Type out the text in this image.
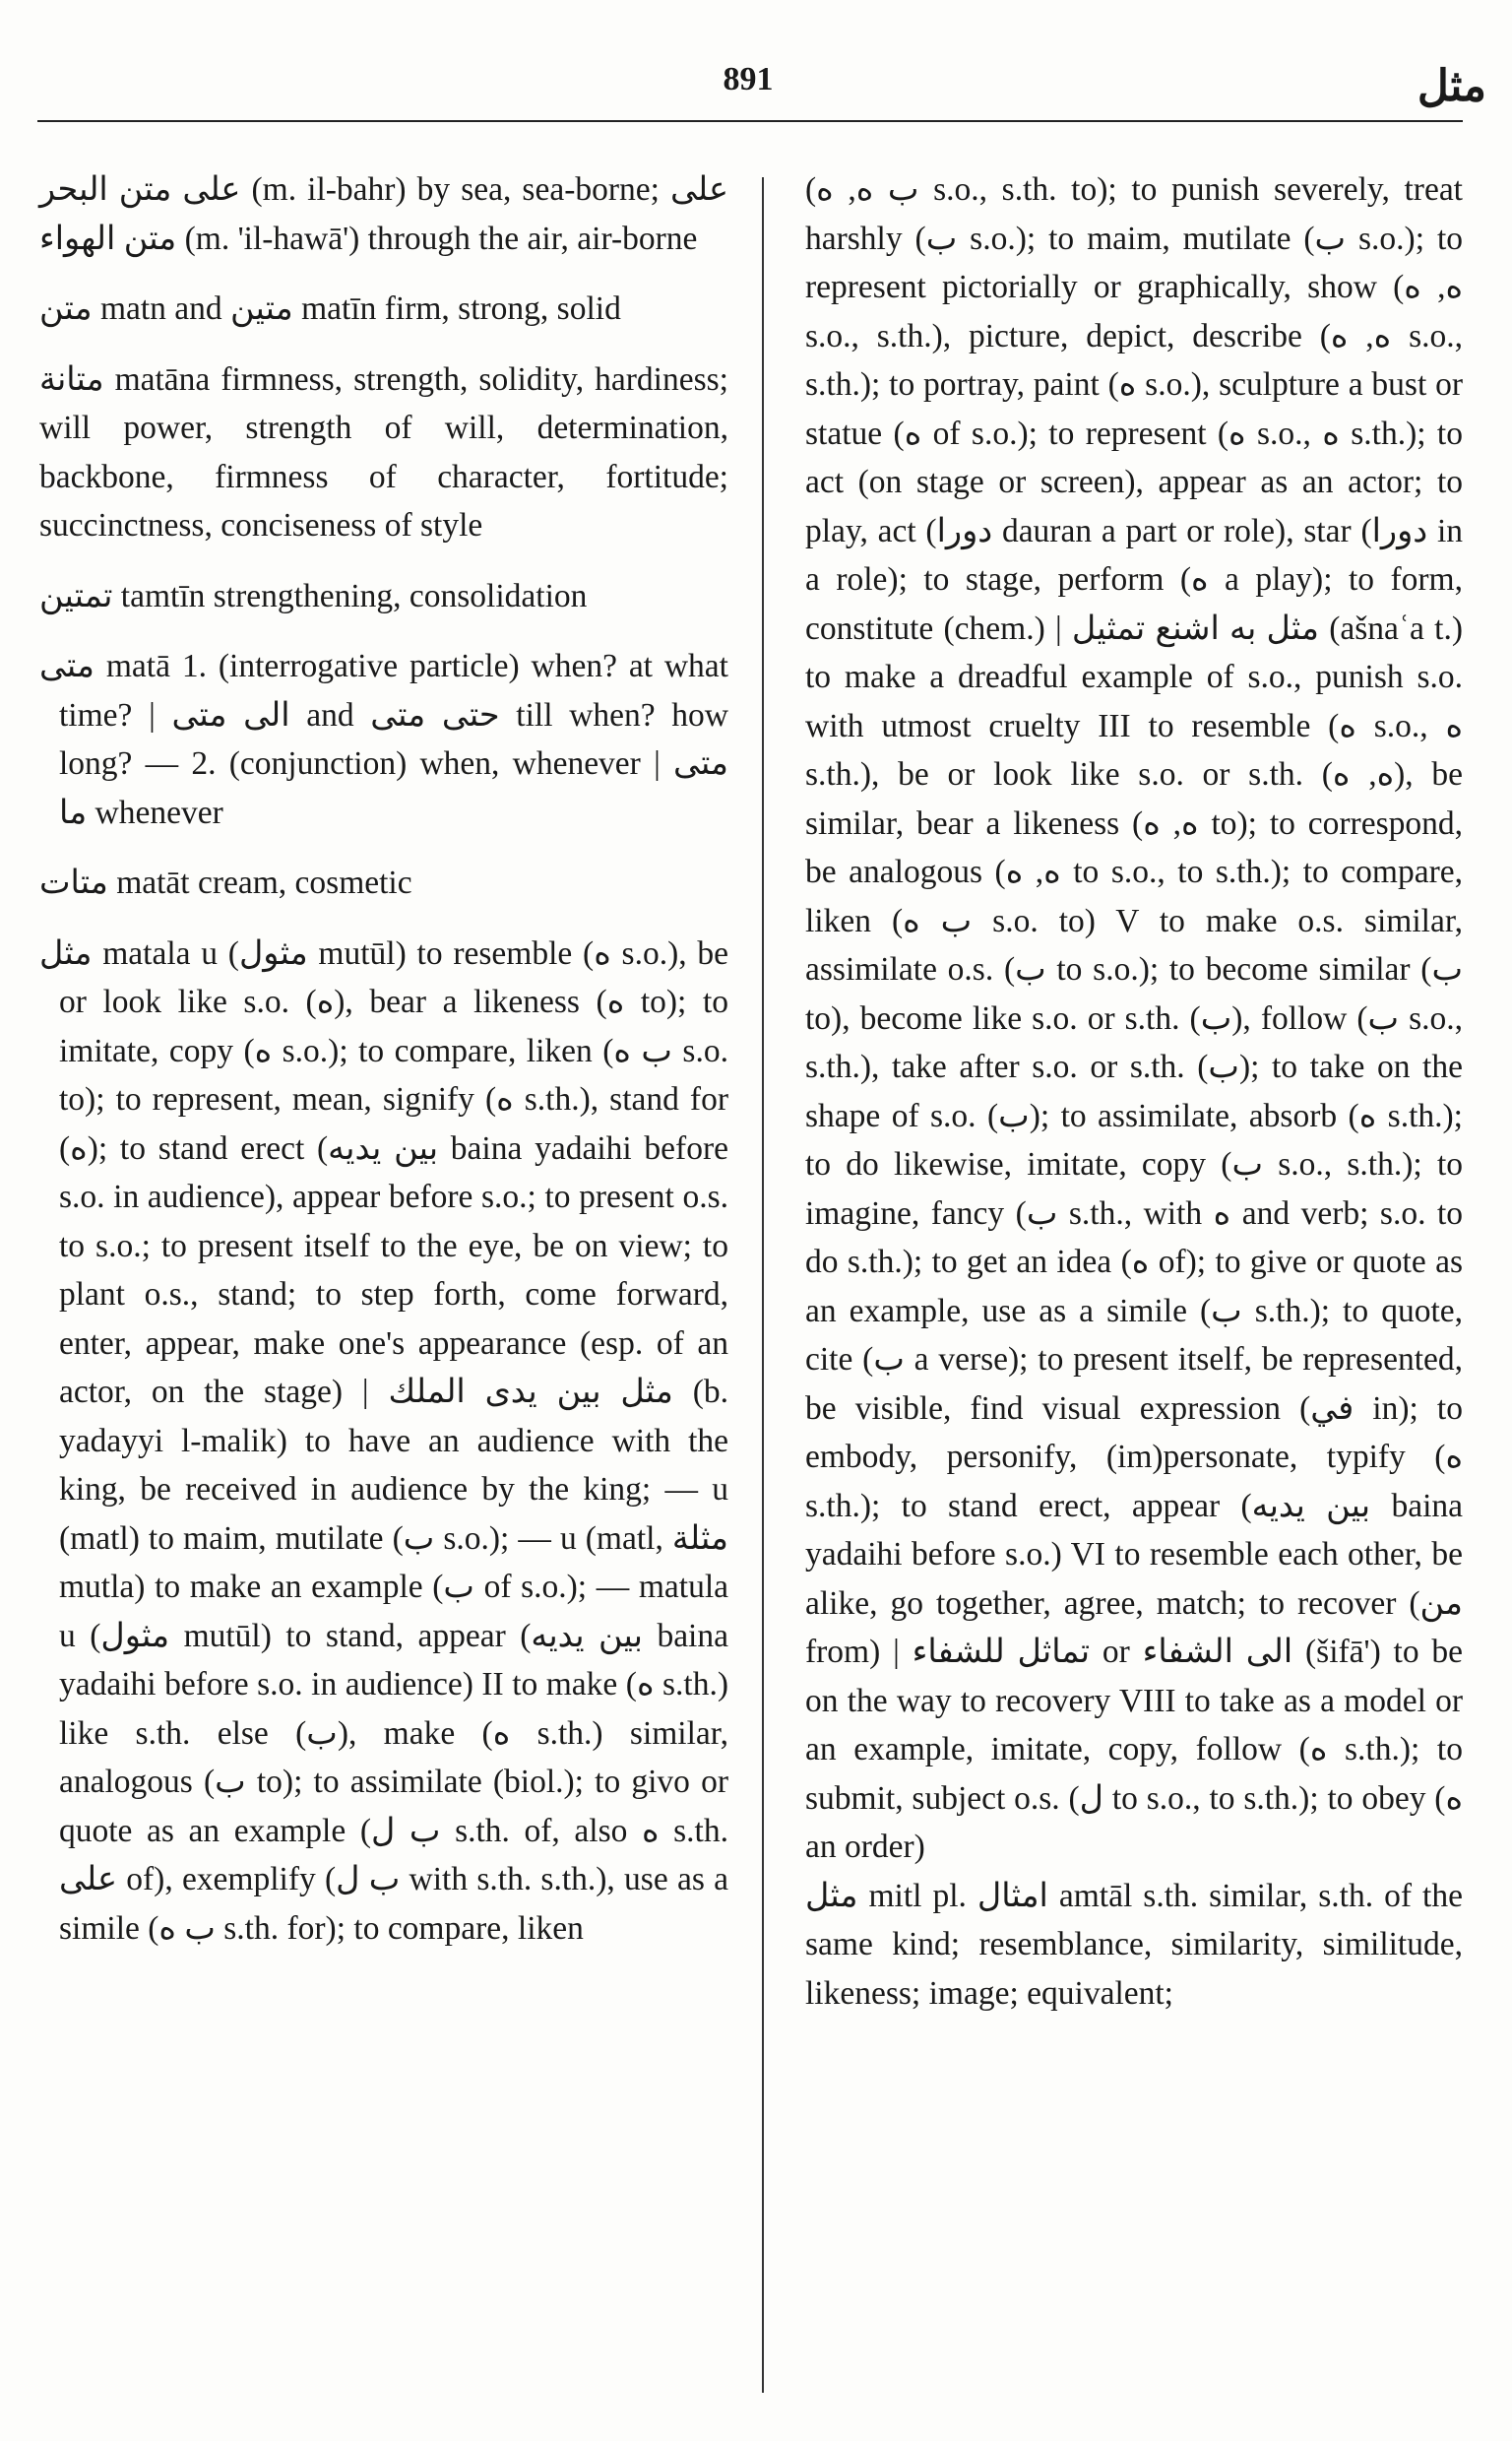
891	مثل

على متن البحر (m. il-bahr) by sea, sea-borne; على متن الهواء (m. 'il-hawā') through the air, air-borne

متن matn and متين matīn firm, strong, solid

متانة matāna firmness, strength, solidity, hardiness; will power, strength of will, determination, backbone, firmness of character, fortitude; succinctness, conciseness of style

تمتين tamtīn strengthening, consolidation

متى matā 1. (interrogative particle) when? at what time? | الى متى and حتى متى till when? how long? — 2. (conjunction) when, whenever | متى ما whenever

متات matāt cream, cosmetic

مثل matala u (مثول mutūl) to resemble (ه s.o.), be or look like s.o. (ه), bear a likeness (ه to); to imitate, copy (ه s.o.); to compare, liken (ب ه s.o. to); to represent, mean, signify (ه s.th.), stand for (ه); to stand erect (بين يديه baina yadaihi before s.o. in audience), appear before s.o.; to present o.s. to s.o.; to present itself to the eye, be on view; to plant o.s., stand; to step forth, come forward, enter, appear, make one's appearance (esp. of an actor, on the stage) | مثل بين يدى الملك (b. yadayyi l-malik) to have an audience with the king, be received in audience by the king; — u (matl) to maim, mutilate (ب s.o.); — u (matl, مثلة mutla) to make an example (ب of s.o.); — matula u (مثول mutūl) to stand, appear (بين يديه baina yadaihi before s.o. in audience) II to make (ه s.th.) like s.th. else (ب), make (ه s.th.) similar, analogous (ب to); to assimilate (biol.); to givo or quote as an example (ب ل s.th. of, also ه s.th. على of), exemplify (ب ل with s.th. s.th.), use as a simile (ب ه s.th. for); to compare, liken

(ب ه, ه s.o., s.th. to); to punish severely, treat harshly (ب s.o.); to maim, mutilate (ب s.o.); to represent pictorially or graphically, show (ه, ه s.o., s.th.), picture, depict, describe (ه, ه s.o., s.th.); to portray, paint (ه s.o.), sculpture a bust or statue (ه of s.o.); to represent (ه s.o., ه s.th.); to act (on stage or screen), appear as an actor; to play, act (دورا dauran a part or role), star (دورا in a role); to stage, perform (ه a play); to form, constitute (chem.) | مثل به اشنع تمثيل (ašnaʿa t.) to make a dreadful example of s.o., punish s.o. with utmost cruelty III to resemble (ه s.o., ه s.th.), be or look like s.o. or s.th. (ه, ه), be similar, bear a likeness (ه, ه to); to correspond, be analogous (ه, ه to s.o., to s.th.); to compare, liken (ب ه s.o. to) V to make o.s. similar, assimilate o.s. (ب to s.o.); to become similar (ب to), become like s.o. or s.th. (ب), follow (ب s.o., s.th.), take after s.o. or s.th. (ب); to take on the shape of s.o. (ب); to assimilate, absorb (ه s.th.); to do likewise, imitate, copy (ب s.o., s.th.); to imagine, fancy (ب s.th., with ه and verb; s.o. to do s.th.); to get an idea (ه of); to give or quote as an example, use as a simile (ب s.th.); to quote, cite (ب a verse); to present itself, be represented, be visible, find visual expression (في in); to embody, personify, (im)personate, typify (ه s.th.); to stand erect, appear (بين يديه baina yadaihi before s.o.) VI to resemble each other, be alike, go together, agree, match; to recover (من from) | تماثل للشفاء or الى الشفاء (šifā') to be on the way to recovery VIII to take as a model or an example, imitate, copy, follow (ه s.th.); to submit, subject o.s. (ل to s.o., to s.th.); to obey (ه an order)

مثل mitl pl. امثال amtāl s.th. similar, s.th. of the same kind; resemblance, similarity, similitude, likeness; image; equivalent;
